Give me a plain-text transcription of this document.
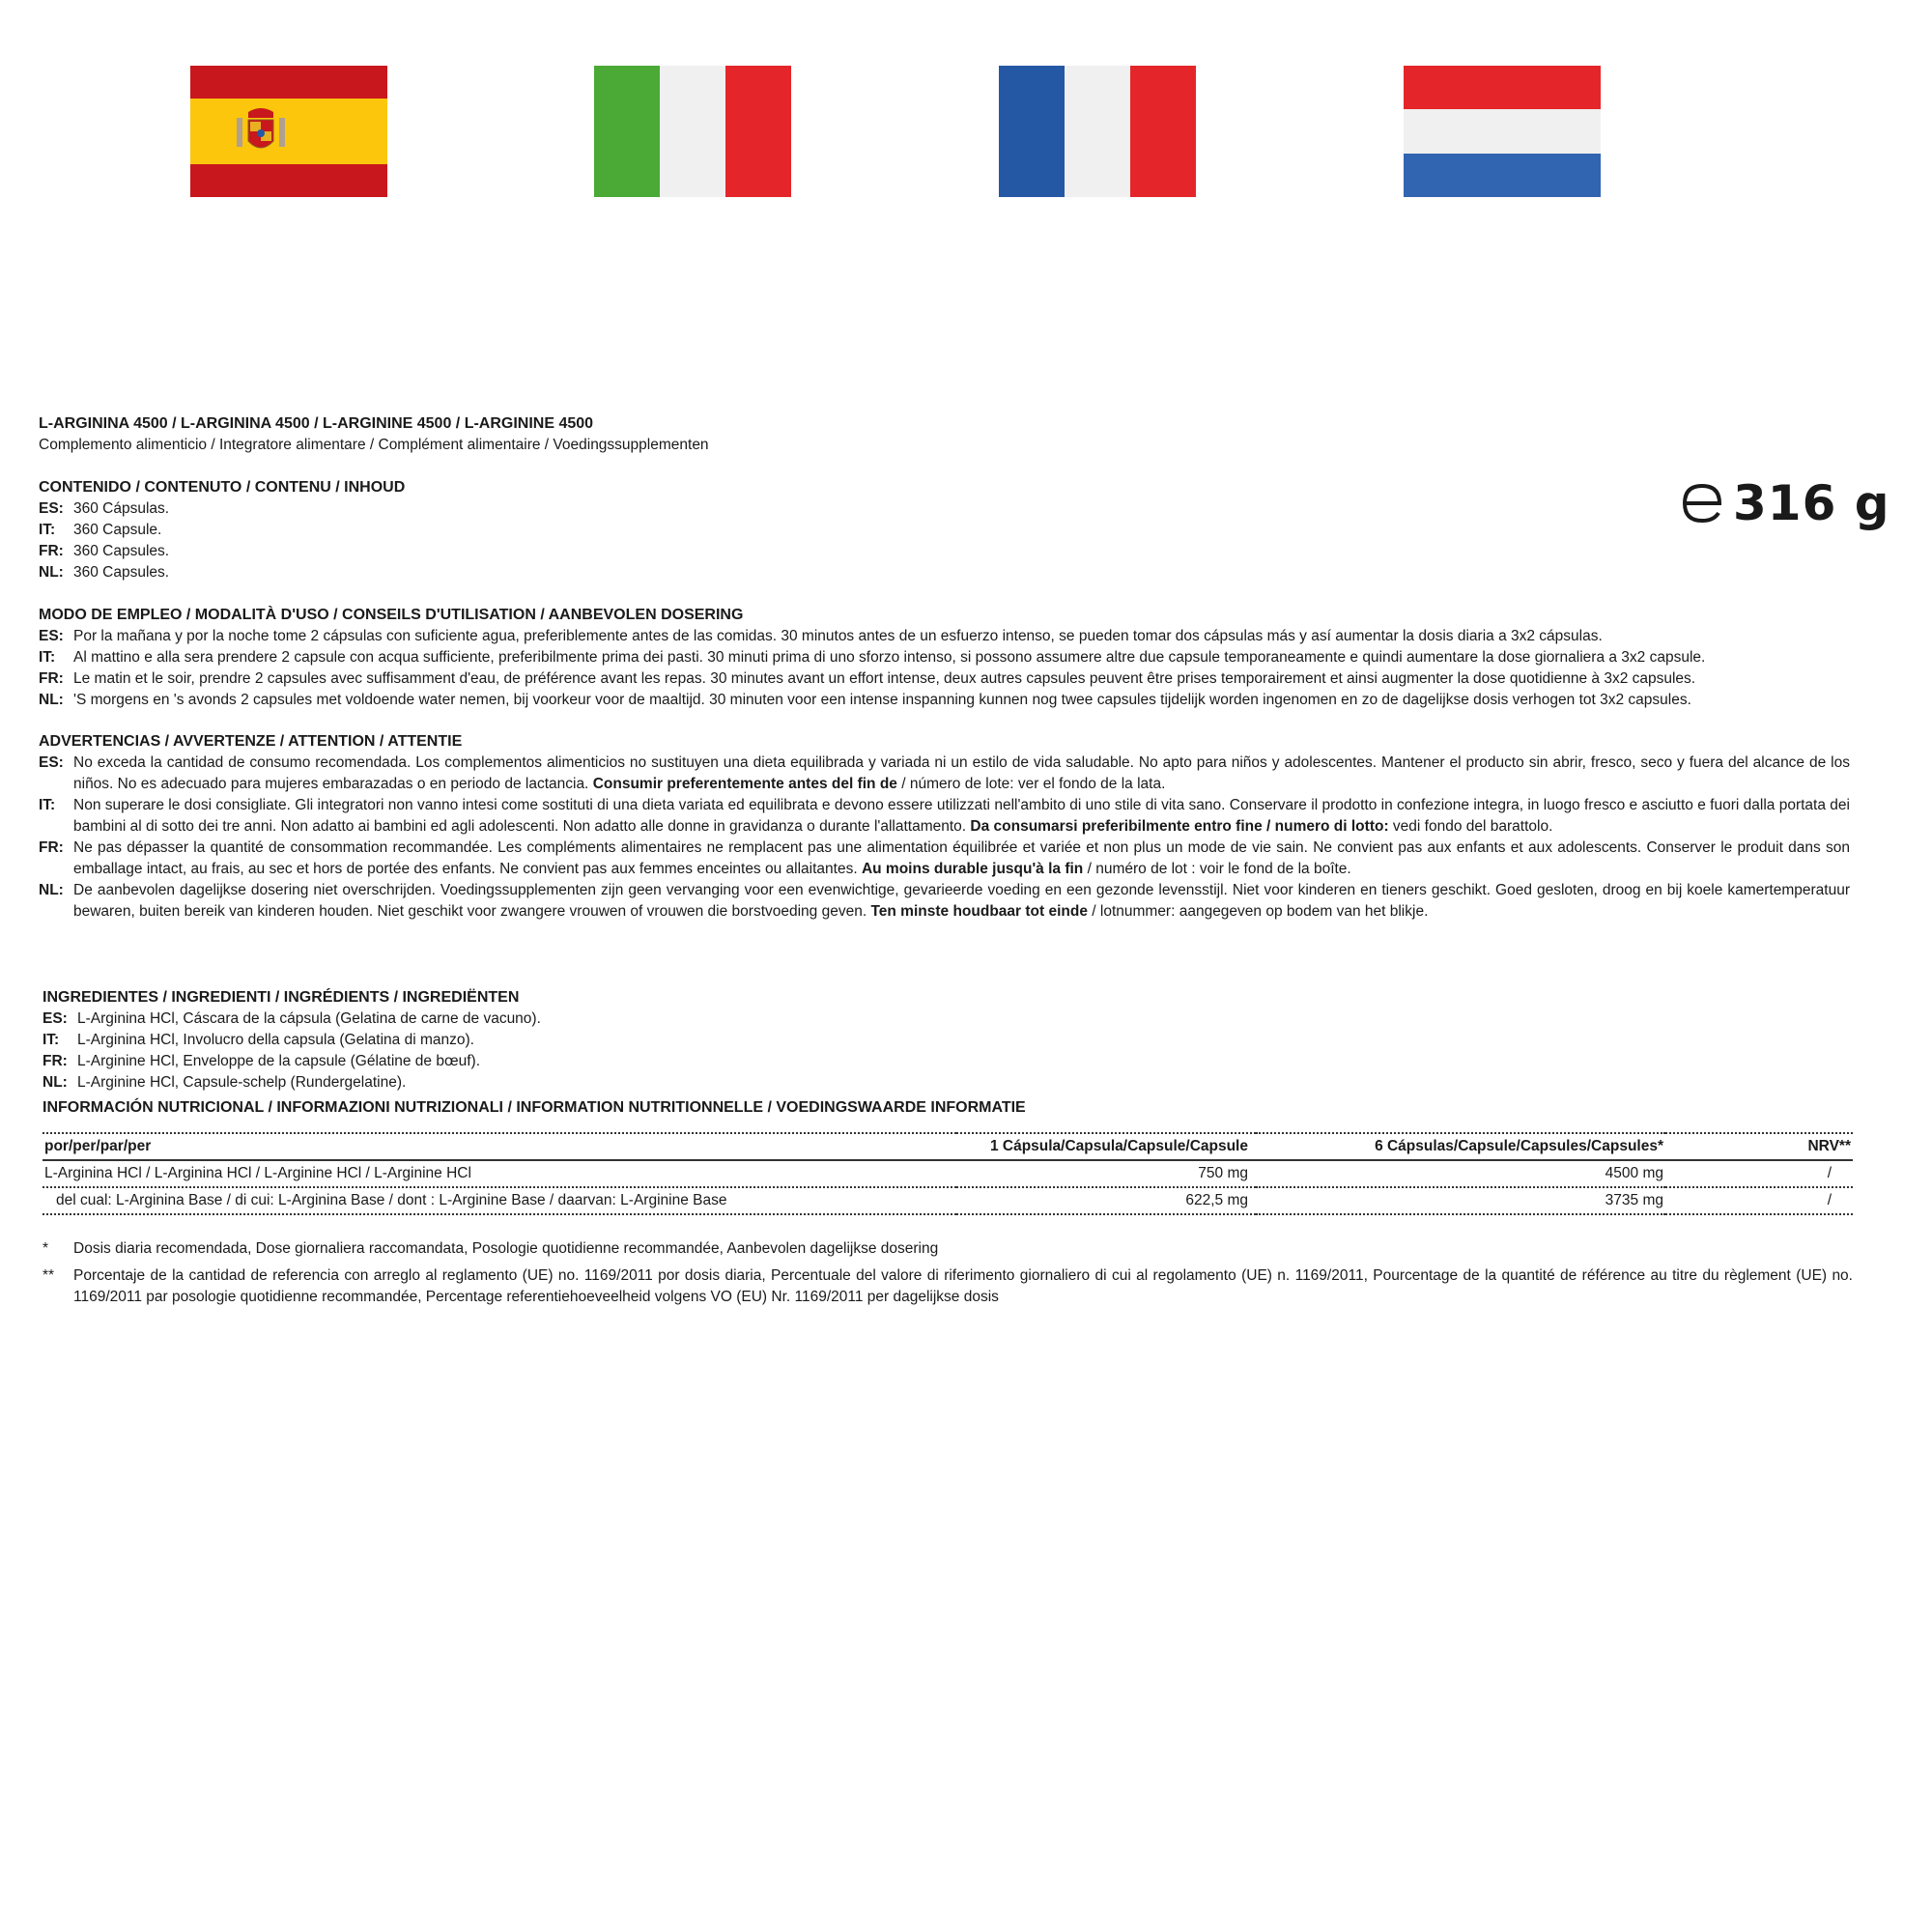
L-ARGININA 4500 / L-ARGININA 4500 / L-ARGININE 4500 / L-ARGININE 4500
Complemento alimenticio / Integratore alimentare / Complément alimentaire / Voedingssupplementen
316 g
CONTENIDO / CONTENUTO / CONTENU / INHOUD
ES: 360 Cápsulas.
IT:	360 Capsule.
FR: 360 Capsules.
NL: 360 Capsules.
MODO DE EMPLEO / MODALITÀ D'USO / CONSEILS D'UTILISATION / AANBEVOLEN DOSERING
ES: Por la mañana y por la noche tome 2 cápsulas con suficiente agua, preferiblemente antes de las comidas. 30 minutos antes de un esfuerzo intenso, se pueden tomar dos cápsulas más y así aumentar la dosis diaria a 3x2 cápsulas.
IT:	Al mattino e alla sera prendere 2 capsule con acqua sufficiente, preferibilmente prima dei pasti. 30 minuti prima di uno sforzo intenso, si possono assumere altre due capsule temporaneamente e quindi aumentare la dose giornaliera a 3x2 capsule.
FR: Le matin et le soir, prendre 2 capsules avec suffisamment d'eau, de préférence avant les repas. 30 minutes avant un effort intense, deux autres capsules peuvent être prises temporairement et ainsi augmenter la dose quotidienne à 3x2 capsules.
NL: 'S morgens en 's avonds 2 capsules met voldoende water nemen, bij voorkeur voor de maaltijd. 30 minuten voor een intense inspanning kunnen nog twee capsules tijdelijk worden ingenomen en zo de dagelijkse dosis verhogen tot 3x2 capsules.
ADVERTENCIAS / AVVERTENZE / ATTENTION / ATTENTIE
ES: No exceda la cantidad de consumo recomendada. Los complementos alimenticios no sustituyen una dieta equilibrada y variada ni un estilo de vida saludable. No apto para niños y adolescentes. Mantener el producto sin abrir, fresco, seco y fuera del alcance de los niños. No es adecuado para mujeres embarazadas o en periodo de lactancia. Consumir preferentemente antes del fin de / número de lote: ver el fondo de la lata.
IT:	Non superare le dosi consigliate. Gli integratori non vanno intesi come sostituti di una dieta variata ed equilibrata e devono essere utilizzati nell'ambito di uno stile di vita sano. Conservare il prodotto in confezione integra, in luogo fresco e asciutto e fuori dalla portata dei bambini al di sotto dei tre anni. Non adatto ai bambini ed agli adolescenti. Non adatto alle donne in gravidanza o durante l'allattamento. Da consumarsi preferibilmente entro fine / numero di lotto: vedi fondo del barattolo.
FR: Ne pas dépasser la quantité de consommation recommandée. Les compléments alimentaires ne remplacent pas une alimentation équilibrée et variée et non plus un mode de vie sain. Ne convient pas aux enfants et aux adolescents. Conserver le produit dans son emballage intact, au frais, au sec et hors de portée des enfants. Ne convient pas aux femmes enceintes ou allaitantes. Au moins durable jusqu'à la fin / numéro de lot : voir le fond de la boîte.
NL: De aanbevolen dagelijkse dosering niet overschrijden. Voedingssupplementen zijn geen vervanging voor een evenwichtige, gevarieerde voeding en een gezonde levensstijl. Niet voor kinderen en tieners geschikt. Goed gesloten, droog en bij koele kamertemperatuur bewaren, buiten bereik van kinderen houden. Niet geschikt voor zwangere vrouwen of vrouwen die borstvoeding geven. Ten minste houdbaar tot einde / lotnummer: aangegeven op bodem van het blikje.
INGREDIENTES / INGREDIENTI / INGRÉDIENTS / INGREDIËNTEN
ES: L-Arginina HCl, Cáscara de la cápsula (Gelatina de carne de vacuno).
IT:	L-Arginina HCl, Involucro della capsula (Gelatina di manzo).
FR: L-Arginine HCl, Enveloppe de la capsule (Gélatine de bœuf).
NL: L-Arginine HCl, Capsule-schelp (Rundergelatine).
INFORMACIÓN NUTRICIONAL / INFORMAZIONI NUTRIZIONALI / INFORMATION NUTRITIONNELLE / VOEDINGSWAARDE INFORMATIE
por/per/par/per	1 Cápsula/Capsula/Capsule/Capsule	6 Cápsulas/Capsule/Capsules/Capsules*	NRV**
L-Arginina HCl / L-Arginina HCl / L-Arginine HCl / L-Arginine HCl	750 mg	4500 mg	/
del cual: L-Arginina Base / di cui: L-Arginina Base / dont : L-Arginine Base / daarvan: L-Arginine Base	622,5 mg	3735 mg	/
*	Dosis diaria recomendada, Dose giornaliera raccomandata, Posologie quotidienne recommandée, Aanbevolen dagelijkse dosering
**	Porcentaje de la cantidad de referencia con arreglo al reglamento (UE) no. 1169/2011 por dosis diaria, Percentuale del valore di riferimento giornaliero di cui al regolamento (UE) n. 1169/2011, Pourcentage de la quantité de référence au titre du règlement (UE) no. 1169/2011 par posologie quotidienne recommandée, Percentage referentiehoeveelheid volgens VO (EU) Nr. 1169/2011 per dagelijkse dosis
